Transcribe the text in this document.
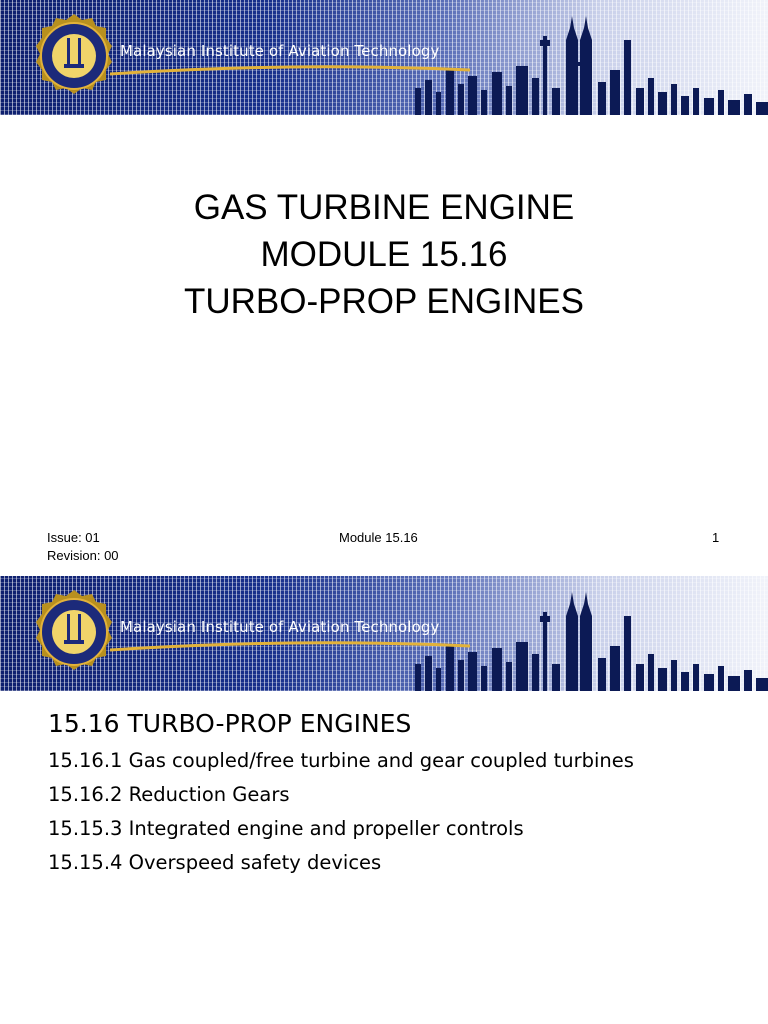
Malaysian Institute of Aviation Technology
GAS TURBINE ENGINE
MODULE 15.16
TURBO-PROP ENGINES
Issue: 01
Revision: 00
Module 15.16	1
Malaysian Institute of Aviation Technology
15.16 TURBO-PROP ENGINES
15.16.1 Gas coupled/free turbine and gear coupled turbines
15.16.2 Reduction Gears
15.15.3 Integrated engine and propeller controls
15.15.4 Overspeed safety devices
